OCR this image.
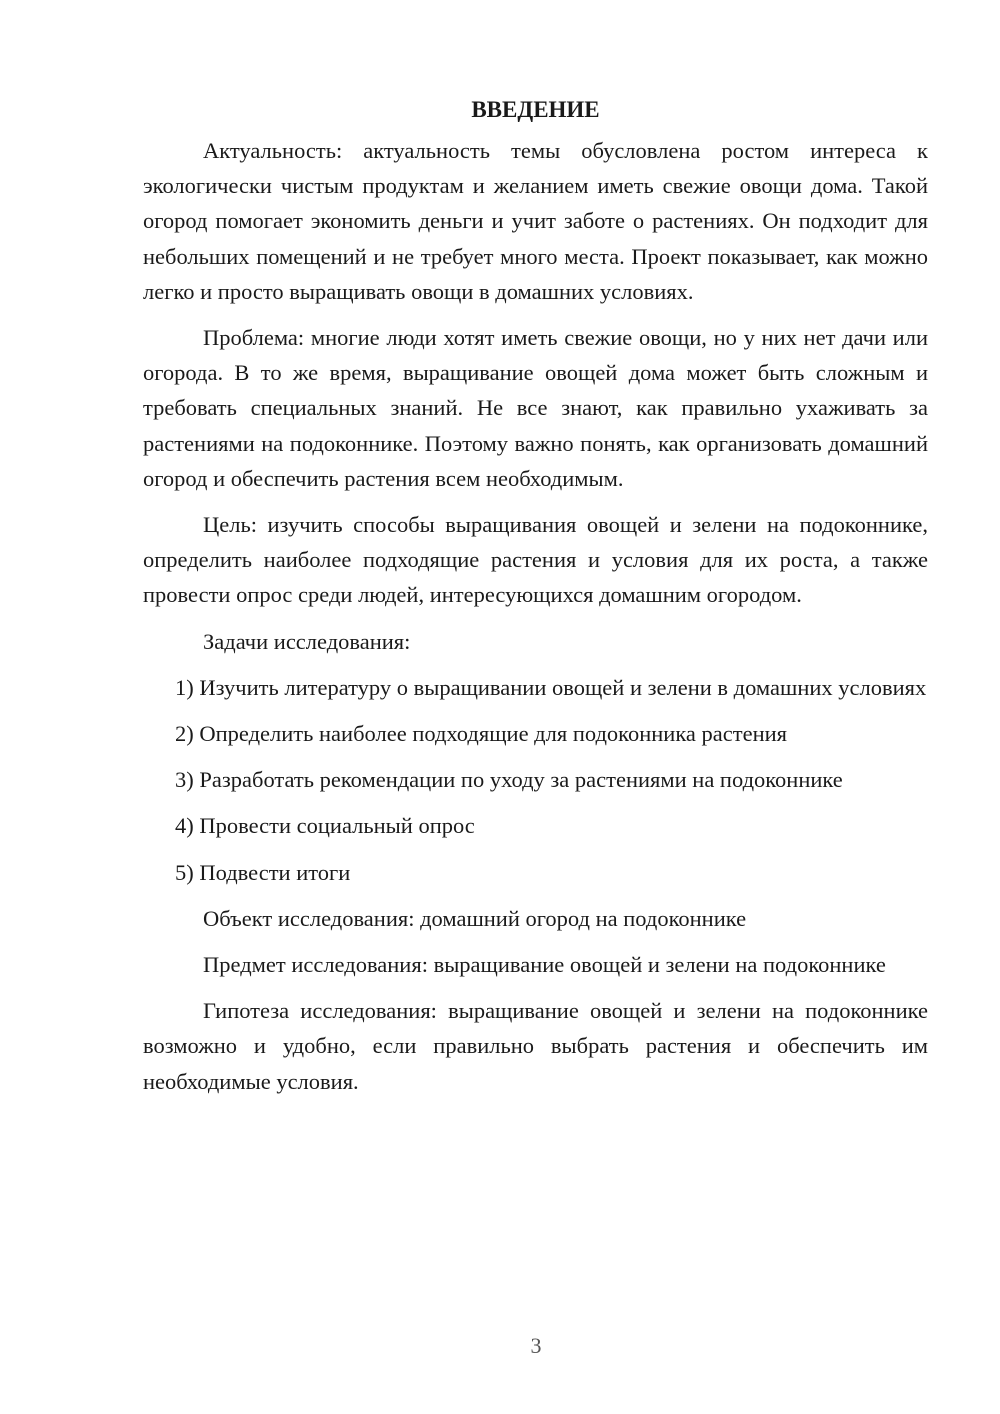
ВВЕДЕНИЕ

Актуальность: актуальность темы обусловлена ростом интереса к экологически чистым продуктам и желанием иметь свежие овощи дома. Такой огород помогает экономить деньги и учит заботе о растениях. Он подходит для небольших помещений и не требует много места. Проект показывает, как можно легко и просто выращивать овощи в домашних условиях.

Проблема: многие люди хотят иметь свежие овощи, но у них нет дачи или огорода. В то же время, выращивание овощей дома может быть сложным и требовать специальных знаний. Не все знают, как правильно ухаживать за растениями на подоконнике. Поэтому важно понять, как организовать домашний огород и обеспечить растения всем необходимым.

Цель: изучить способы выращивания овощей и зелени на подоконнике, определить наиболее подходящие растения и условия для их роста, а также провести опрос среди людей, интересующихся домашним огородом.

Задачи исследования:

1) Изучить литературу о выращивании овощей и зелени в домашних условиях

2) Определить наиболее подходящие для подоконника растения

3) Разработать рекомендации по уходу за растениями на подоконнике

4) Провести социальный опрос

5) Подвести итоги

Объект исследования: домашний огород на подоконнике

Предмет исследования: выращивание овощей и зелени на подоконнике

Гипотеза исследования: выращивание овощей и зелени на подоконнике возможно и удобно, если правильно выбрать растения и обеспечить им необходимые условия.

3
